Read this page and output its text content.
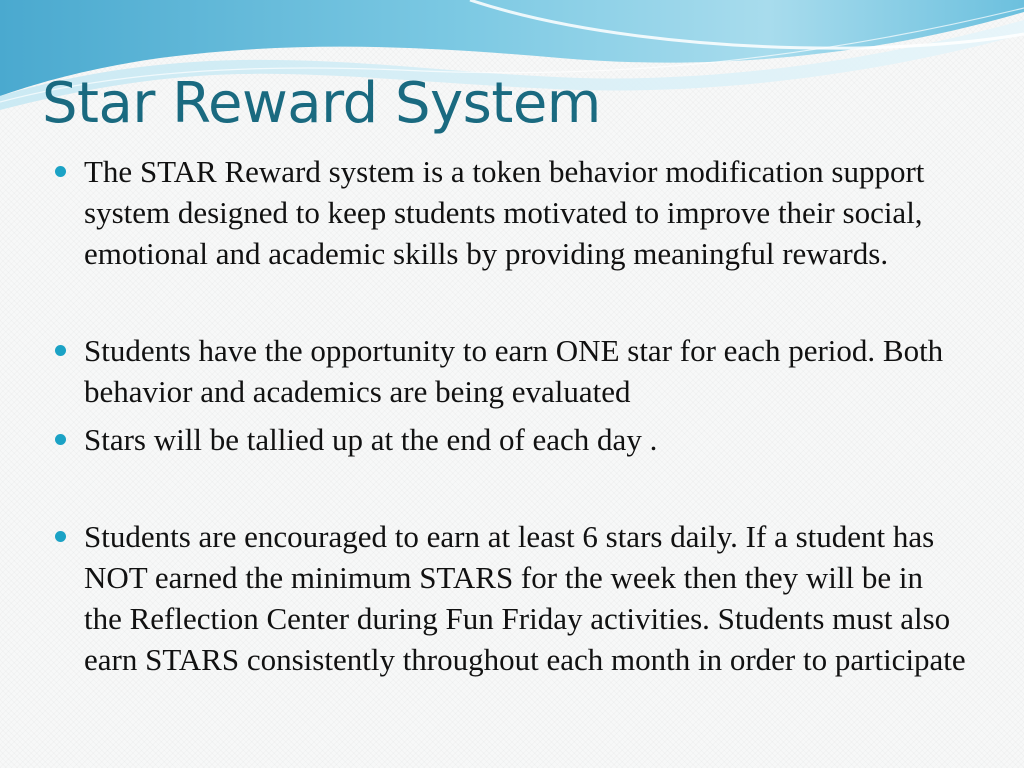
Star Reward System
The STAR Reward system is a token behavior modification support system designed to keep students motivated to improve their social, emotional and academic skills by providing meaningful rewards.
Students have the opportunity to earn ONE star for each period. Both behavior and academics are being evaluated
Stars will be tallied up at the end of each day .
Students are encouraged to earn at least 6 stars daily. If a student has NOT earned the minimum STARS for the week then they will be in the Reflection Center during Fun Friday activities. Students must also earn STARS consistently throughout each month in order to participate
